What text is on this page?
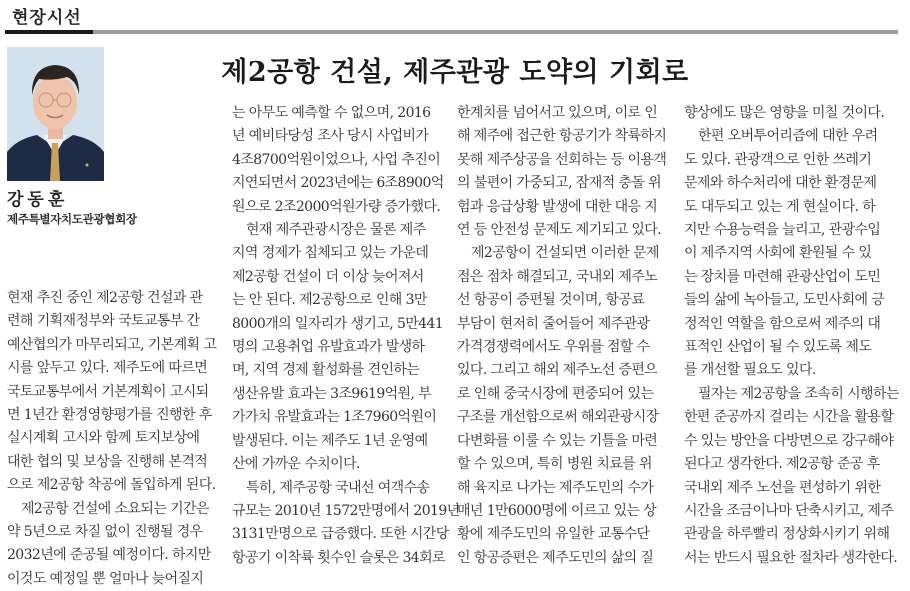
현장시선
강동훈
제주특별자치도관광협회장
제2공항 건설, 제주관광 도약의 기회로

현재 추진 중인 제2공항 건설과 관

련해 기획재정부와 국토교통부 간

예산협의가 마무리되고, 기본계획 고

시를 앞두고 있다. 제주도에 따르면

국토교통부에서 기본계획이 고시되

면 1년간 환경영향평가를 진행한 후

실시계획 고시와 함께 토지보상에

대한 협의 및 보상을 진행해 본격적

으로 제2공항 착공에 돌입하게 된다.

제2공항 건설에 소요되는 기간은

약 5년으로 차질 없이 진행될 경우

2032년에 준공될 예정이다. 하지만

이것도 예정일 뿐 얼마나 늦어질지

는 아무도 예측할 수 없으며, 2016

년 예비타당성 조사 당시 사업비가

4조8700억원이었으나, 사업 추진이

지연되면서 2023년에는 6조8900억

원으로 2조2000억원가량 증가했다.

현재 제주관광시장은 물론 제주

지역 경제가 침체되고 있는 가운데

제2공항 건설이 더 이상 늦어져서

는 안 된다. 제2공항으로 인해 3만

8000개의 일자리가 생기고, 5만441

명의 고용취업 유발효과가 발생하

며, 지역 경제 활성화를 견인하는

생산유발 효과는 3조9619억원, 부

가가치 유발효과는 1조7960억원이

발생된다. 이는 제주도 1년 운영예

산에 가까운 수치이다.

특히, 제주공항 국내선 여객수송

규모는 2010년 1572만명에서 2019년

3131만명으로 급증했다. 또한 시간당

항공기 이착륙 횟수인 슬롯은 34회로

한계치를 넘어서고 있으며, 이로 인

해 제주에 접근한 항공기가 착륙하지

못해 제주상공을 선회하는 등 이용객

의 불편이 가중되고, 잠재적 충돌 위

험과 응급상황 발생에 대한 대응 지

연 등 안전성 문제도 제기되고 있다.

제2공항이 건설되면 이러한 문제

점은 점차 해결되고, 국내외 제주노

선 항공이 증편될 것이며, 항공료

부담이 현저히 줄어들어 제주관광

가격경쟁력에서도 우위를 점할 수

있다. 그리고 해외 제주노선 증편으

로 인해 중국시장에 편중되어 있는

구조를 개선함으로써 해외관광시장

다변화를 이룰 수 있는 기틀을 마련

할 수 있으며, 특히 병원 치료를 위

해 육지로 나가는 제주도민의 수가

매년 1만6000명에 이르고 있는 상

황에 제주도민의 유일한 교통수단

인 항공증편은 제주도민의 삶의 질

향상에도 많은 영향을 미칠 것이다.

한편 오버투어리즘에 대한 우려

도 있다. 관광객으로 인한 쓰레기

문제와 하수처리에 대한 환경문제

도 대두되고 있는 게 현실이다. 하

지만 수용능력을 늘리고, 관광수입

이 제주지역 사회에 환원될 수 있

는 장치를 마련해 관광산업이 도민

들의 삶에 녹아들고, 도민사회에 긍

정적인 역할을 함으로써 제주의 대

표적인 산업이 될 수 있도록 제도

를 개선할 필요도 있다.

필자는 제2공항을 조속히 시행하는

한편 준공까지 걸리는 시간을 활용할

수 있는 방안을 다방면으로 강구해야

된다고 생각한다. 제2공항 준공 후

국내외 제주 노선을 편성하기 위한

시간을 조금이나마 단축시키고, 제주

관광을 하루빨리 정상화시키기 위해

서는 반드시 필요한 절차라 생각한다.
